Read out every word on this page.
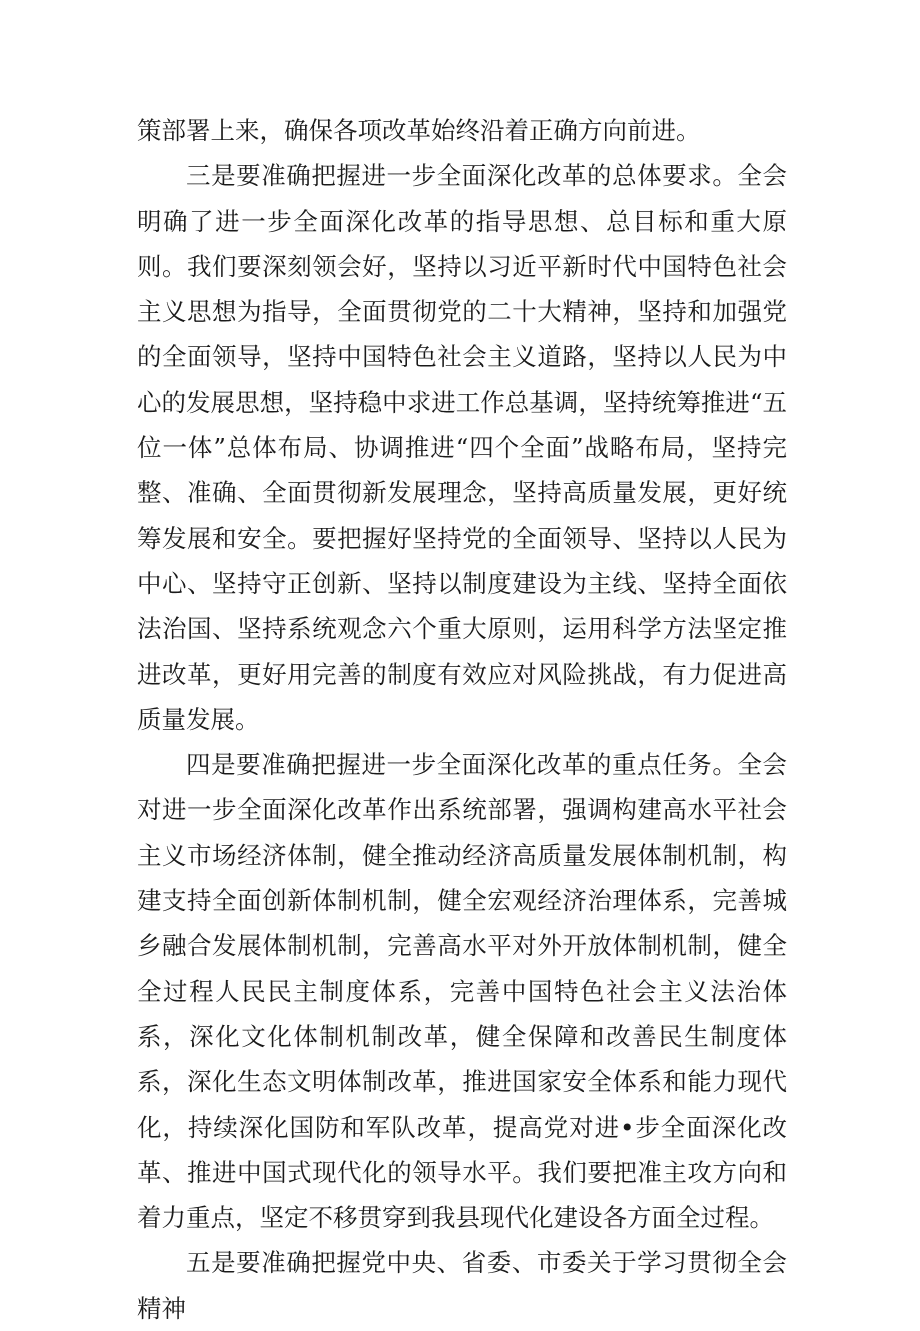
策部署上来，确保各项改革始终沿着正确方向前进。

三是要准确把握进一步全面深化改革的总体要求。全会明确了进一步全面深化改革的指导思想、总目标和重大原则。我们要深刻领会好，坚持以习近平新时代中国特色社会主义思想为指导，全面贯彻党的二十大精神，坚持和加强党的全面领导，坚持中国特色社会主义道路，坚持以人民为中心的发展思想，坚持稳中求进工作总基调，坚持统筹推进“五位一体”总体布局、协调推进“四个全面”战略布局，坚持完整、准确、全面贯彻新发展理念，坚持高质量发展，更好统筹发展和安全。要把握好坚持党的全面领导、坚持以人民为中心、坚持守正创新、坚持以制度建设为主线、坚持全面依法治国、坚持系统观念六个重大原则，运用科学方法坚定推进改革，更好用完善的制度有效应对风险挑战，有力促进高质量发展。

四是要准确把握进一步全面深化改革的重点任务。全会对进一步全面深化改革作出系统部署，强调构建高水平社会主义市场经济体制，健全推动经济高质量发展体制机制，构建支持全面创新体制机制，健全宏观经济治理体系，完善城乡融合发展体制机制，完善高水平对外开放体制机制，健全全过程人民民主制度体系，完善中国特色社会主义法治体系，深化文化体制机制改革，健全保障和改善民生制度体系，深化生态文明体制改革，推进国家安全体系和能力现代化，持续深化国防和军队改革，提高党对进•步全面深化改革、推进中国式现代化的领导水平。我们要把准主攻方向和着力重点，坚定不移贯穿到我县现代化建设各方面全过程。

五是要准确把握党中央、省委、市委关于学习贯彻全会精神
